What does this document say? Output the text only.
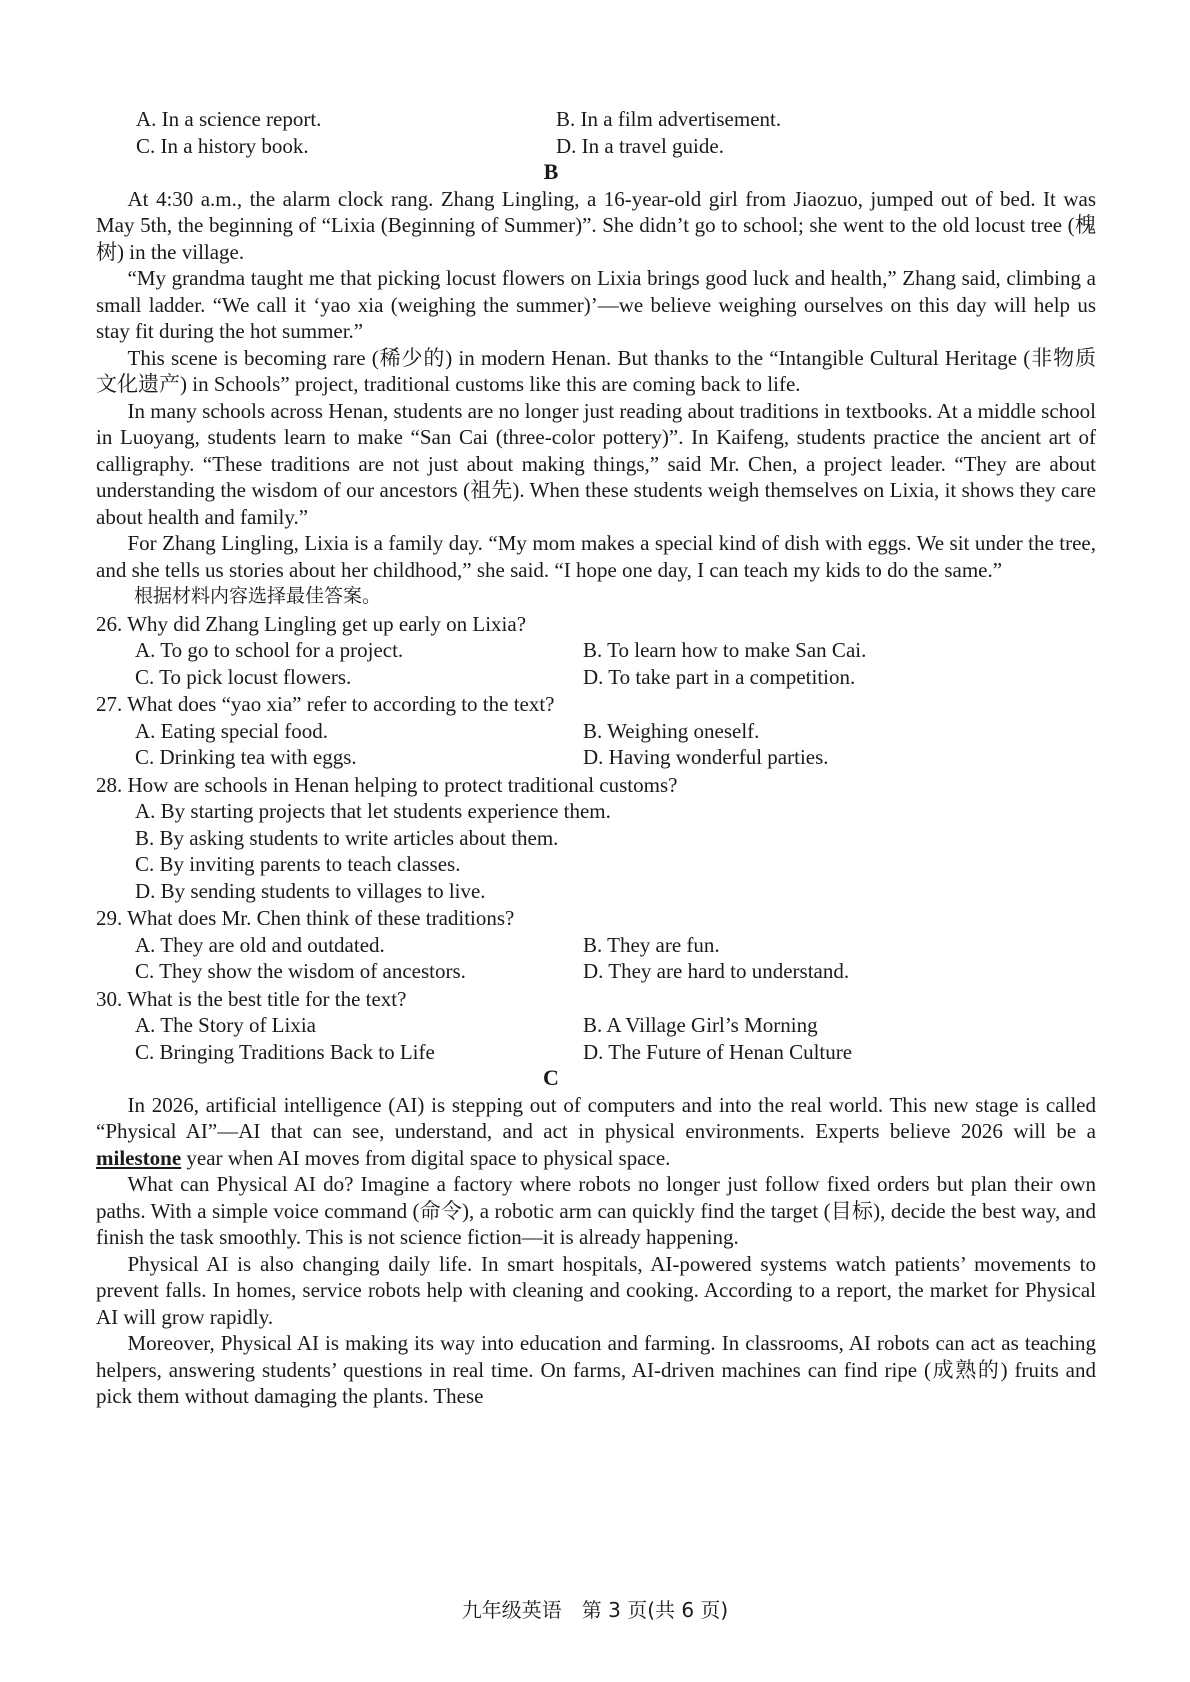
A. In a science report.	B. In a film advertisement.
C. In a history book.	D. In a travel guide.
B

At 4:30 a.m., the alarm clock rang. Zhang Lingling, a 16-year-old girl from Jiaozuo, jumped out of bed. It was May 5th, the beginning of “Lixia (Beginning of Summer)”. She didn’t go to school; she went to the old locust tree (槐树) in the village.

“My grandma taught me that picking locust flowers on Lixia brings good luck and health,” Zhang said, climbing a small ladder. “We call it ‘yao xia (weighing the summer)’—we believe weighing ourselves on this day will help us stay fit during the hot summer.”

This scene is becoming rare (稀少的) in modern Henan. But thanks to the “Intangible Cultural Heritage (非物质文化遗产) in Schools” project, traditional customs like this are coming back to life.

In many schools across Henan, students are no longer just reading about traditions in textbooks. At a middle school in Luoyang, students learn to make “San Cai (three-color pottery)”. In Kaifeng, students practice the ancient art of calligraphy. “These traditions are not just about making things,” said Mr. Chen, a project leader. “They are about understanding the wisdom of our ancestors (祖先). When these students weigh themselves on Lixia, it shows they care about health and family.”

For Zhang Lingling, Lixia is a family day. “My mom makes a special kind of dish with eggs. We sit under the tree, and she tells us stories about her childhood,” she said. “I hope one day, I can teach my kids to do the same.”

根据材料内容选择最佳答案。
26. Why did Zhang Lingling get up early on Lixia?
A. To go to school for a project.	B. To learn how to make San Cai.
C. To pick locust flowers.	D. To take part in a competition.
27. What does “yao xia” refer to according to the text?
A. Eating special food.	B. Weighing oneself.
C. Drinking tea with eggs.	D. Having wonderful parties.
28. How are schools in Henan helping to protect traditional customs?
A. By starting projects that let students experience them.
B. By asking students to write articles about them.
C. By inviting parents to teach classes.
D. By sending students to villages to live.
29. What does Mr. Chen think of these traditions?
A. They are old and outdated.	B. They are fun.
C. They show the wisdom of ancestors.	D. They are hard to understand.
30. What is the best title for the text?
A. The Story of Lixia	B. A Village Girl’s Morning
C. Bringing Traditions Back to Life	D. The Future of Henan Culture
C

In 2026, artificial intelligence (AI) is stepping out of computers and into the real world. This new stage is called “Physical AI”—AI that can see, understand, and act in physical environments. Experts believe 2026 will be a milestone year when AI moves from digital space to physical space.

What can Physical AI do? Imagine a factory where robots no longer just follow fixed orders but plan their own paths. With a simple voice command (命令), a robotic arm can quickly find the target (目标), decide the best way, and finish the task smoothly. This is not science fiction—it is already happening.

Physical AI is also changing daily life. In smart hospitals, AI-powered systems watch patients’ movements to prevent falls. In homes, service robots help with cleaning and cooking. According to a report, the market for Physical AI will grow rapidly.

Moreover, Physical AI is making its way into education and farming. In classrooms, AI robots can act as teaching helpers, answering students’ questions in real time. On farms, AI-driven machines can find ripe (成熟的) fruits and pick them without damaging the plants. These

九年级英语　第 3 页(共 6 页)
